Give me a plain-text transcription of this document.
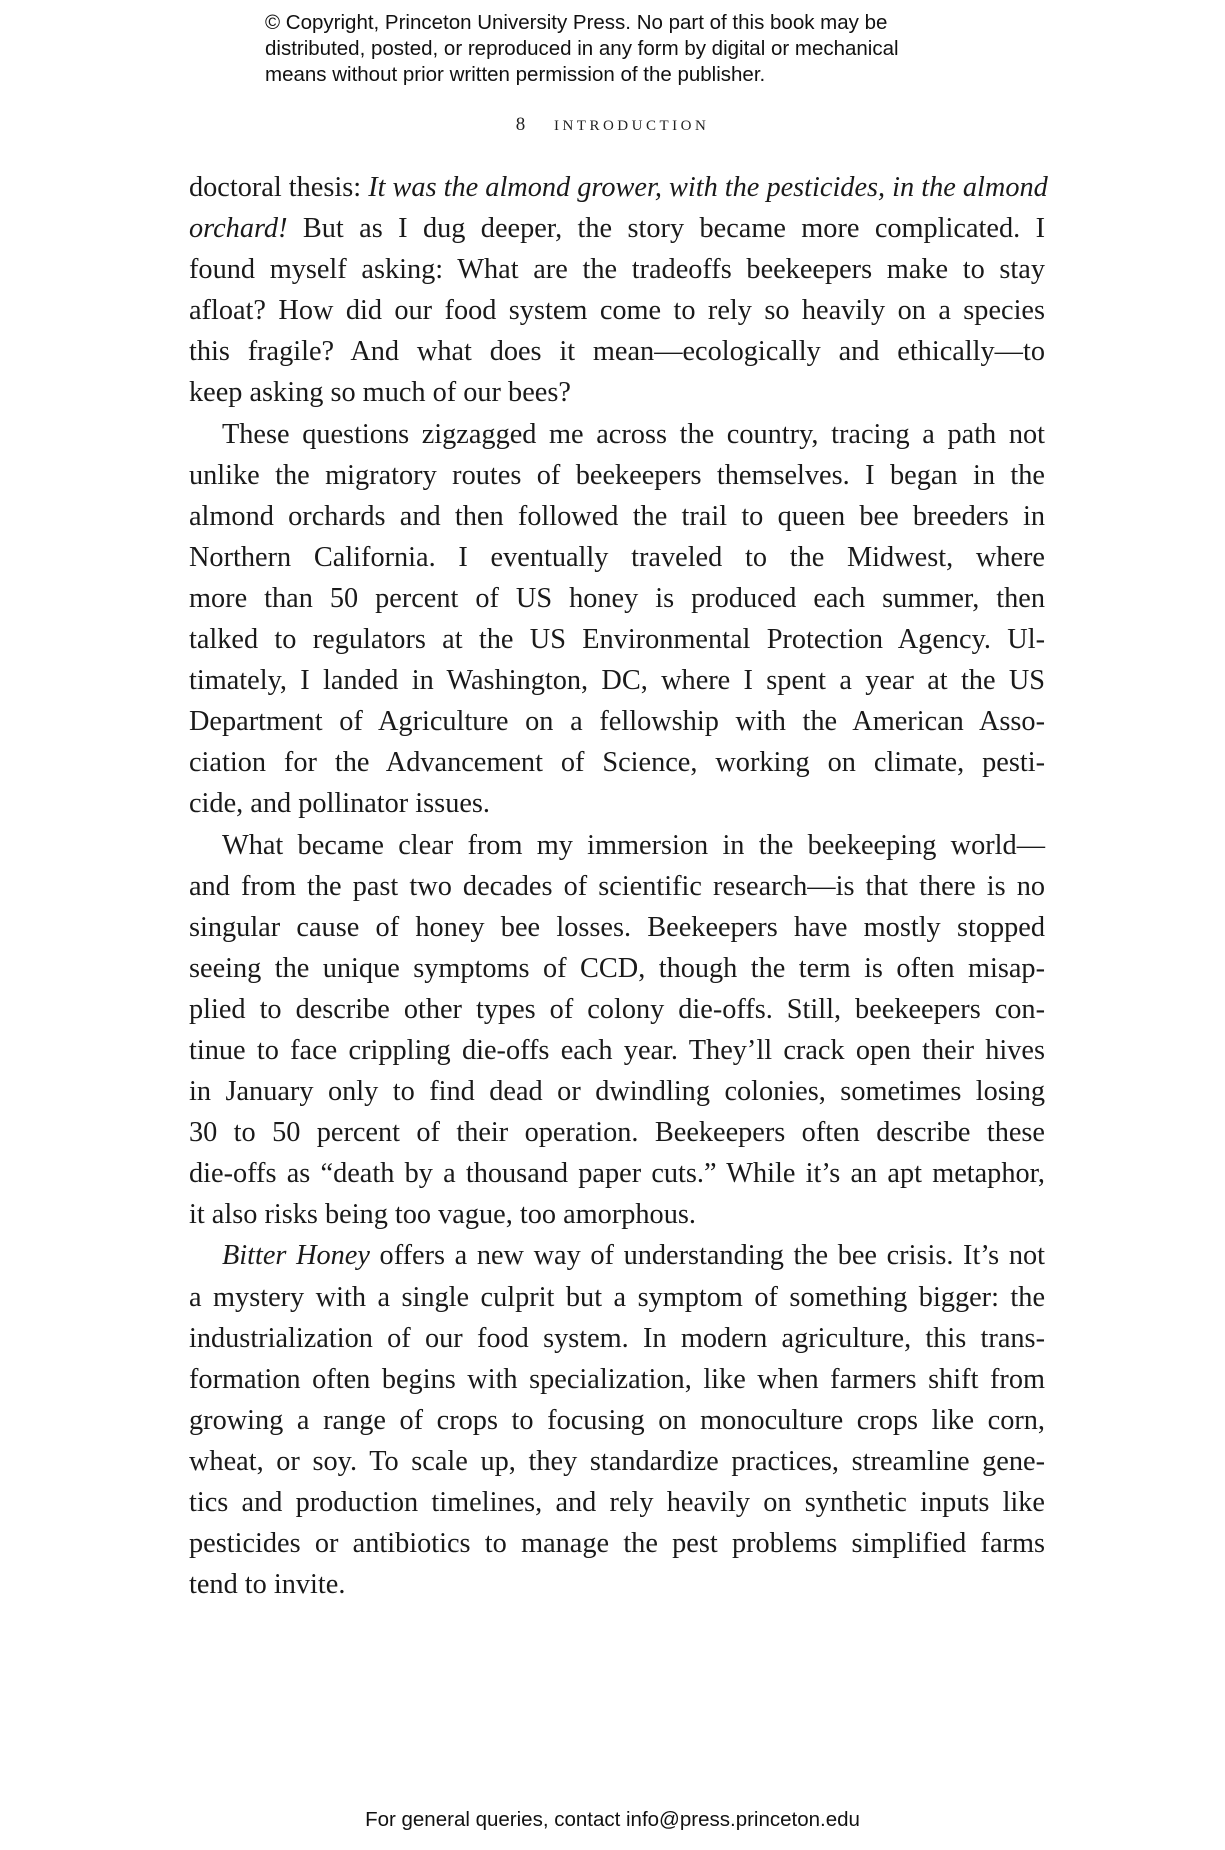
© Copyright, Princeton University Press. No part of this book may be
distributed, posted, or reproduced in any form by digital or mechanical
means without prior written permission of the publisher.
8 introduction
doctoral thesis: It was the almond grower, with the pesticides, in the almond
orchard! But as I dug deeper, the story became more complicated. I
found myself asking: What are the tradeoffs beekeepers make to stay
afloat? How did our food system come to rely so heavily on a species
this fragile? And what does it mean—ecologically and ethically—to
keep asking so much of our bees?
These questions zigzagged me across the country, tracing a path not
unlike the migratory routes of beekeepers themselves. I began in the
almond orchards and then followed the trail to queen bee breeders in
Northern California. I eventually traveled to the Midwest, where
more than 50 percent of US honey is produced each summer, then
talked to regulators at the US Environmental Protection Agency. Ul-
timately, I landed in Washington, DC, where I spent a year at the US
Department of Agriculture on a fellowship with the American Asso-
ciation for the Advancement of Science, working on climate, pesti-
cide, and pollinator issues.
What became clear from my immersion in the beekeeping world—
and from the past two decades of scientific research—is that there is no
singular cause of honey bee losses. Beekeepers have mostly stopped
seeing the unique symptoms of CCD, though the term is often misap-
plied to describe other types of colony die-offs. Still, beekeepers con-
tinue to face crippling die-offs each year. They’ll crack open their hives
in January only to find dead or dwindling colonies, sometimes losing
30 to 50 percent of their operation. Beekeepers often describe these
die-offs as “death by a thousand paper cuts.” While it’s an apt metaphor,
it also risks being too vague, too amorphous.
Bitter Honey offers a new way of understanding the bee crisis. It’s not
a mystery with a single culprit but a symptom of something bigger: the
industrialization of our food system. In modern agriculture, this trans-
formation often begins with specialization, like when farmers shift from
growing a range of crops to focusing on monoculture crops like corn,
wheat, or soy. To scale up, they standardize practices, streamline gene-
tics and production timelines, and rely heavily on synthetic inputs like
pesticides or antibiotics to manage the pest problems simplified farms
tend to invite.
For general queries, contact info@press.princeton.edu
